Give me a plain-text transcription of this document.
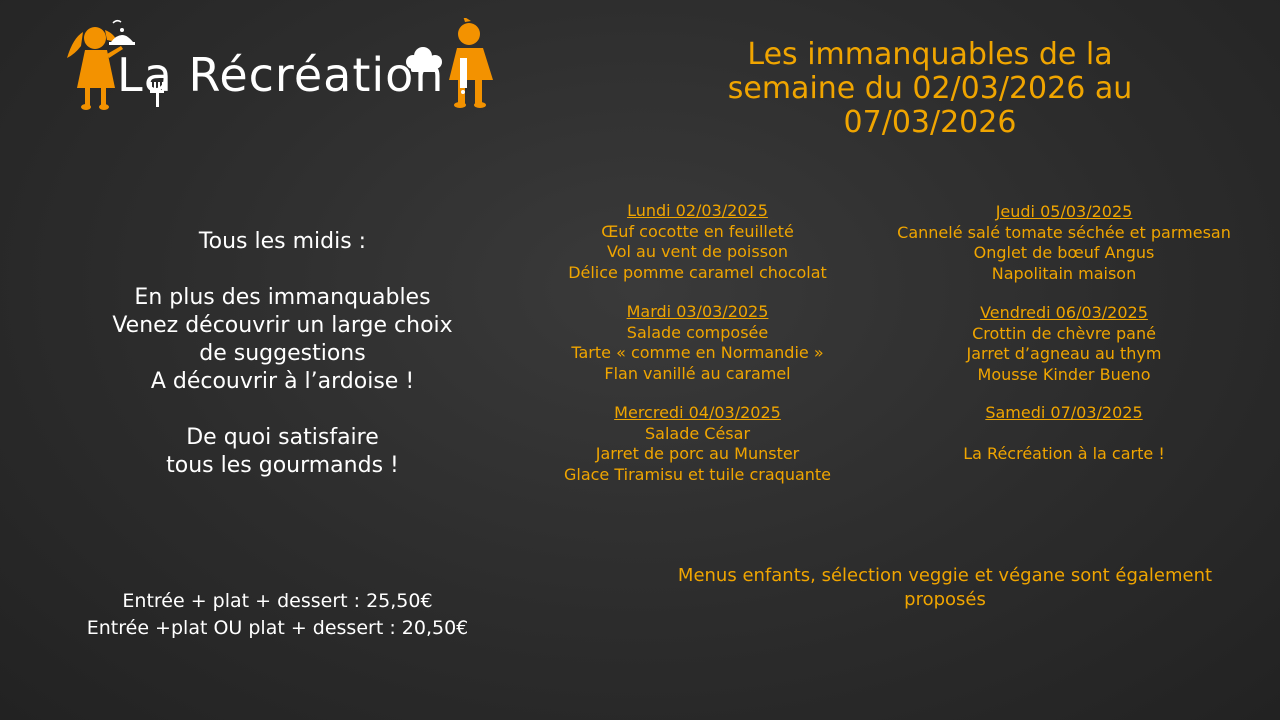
La Récréation	Les immanquables de la semaine du 02/03/2026 au 07/03/2026

Tous les midis :

En plus des immanquables

Venez découvrir un large choix

de suggestions

A découvrir à l’ardoise !

De quoi satisfaire

tous les gourmands !

Lundi 02/03/2025
Œuf cocotte en feuilleté
Vol au vent de poisson
Délice pomme caramel chocolat
Mardi 03/03/2025
Salade composée
Tarte « comme en Normandie »
Flan vanillé au caramel
Mercredi 04/03/2025
Salade César
Jarret de porc au Munster
Glace Tiramisu et tuile craquante
Jeudi 05/03/2025
Cannelé salé tomate séchée et parmesan
Onglet de bœuf Angus
Napolitain maison
Vendredi 06/03/2025
Crottin de chèvre pané
Jarret d’agneau au thym
Mousse Kinder Bueno
Samedi 07/03/2025
La Récréation à la carte !
Entrée + plat + dessert : 25,50€
Entrée +plat OU plat + dessert : 20,50€
Menus enfants, sélection veggie et végane sont également proposés
